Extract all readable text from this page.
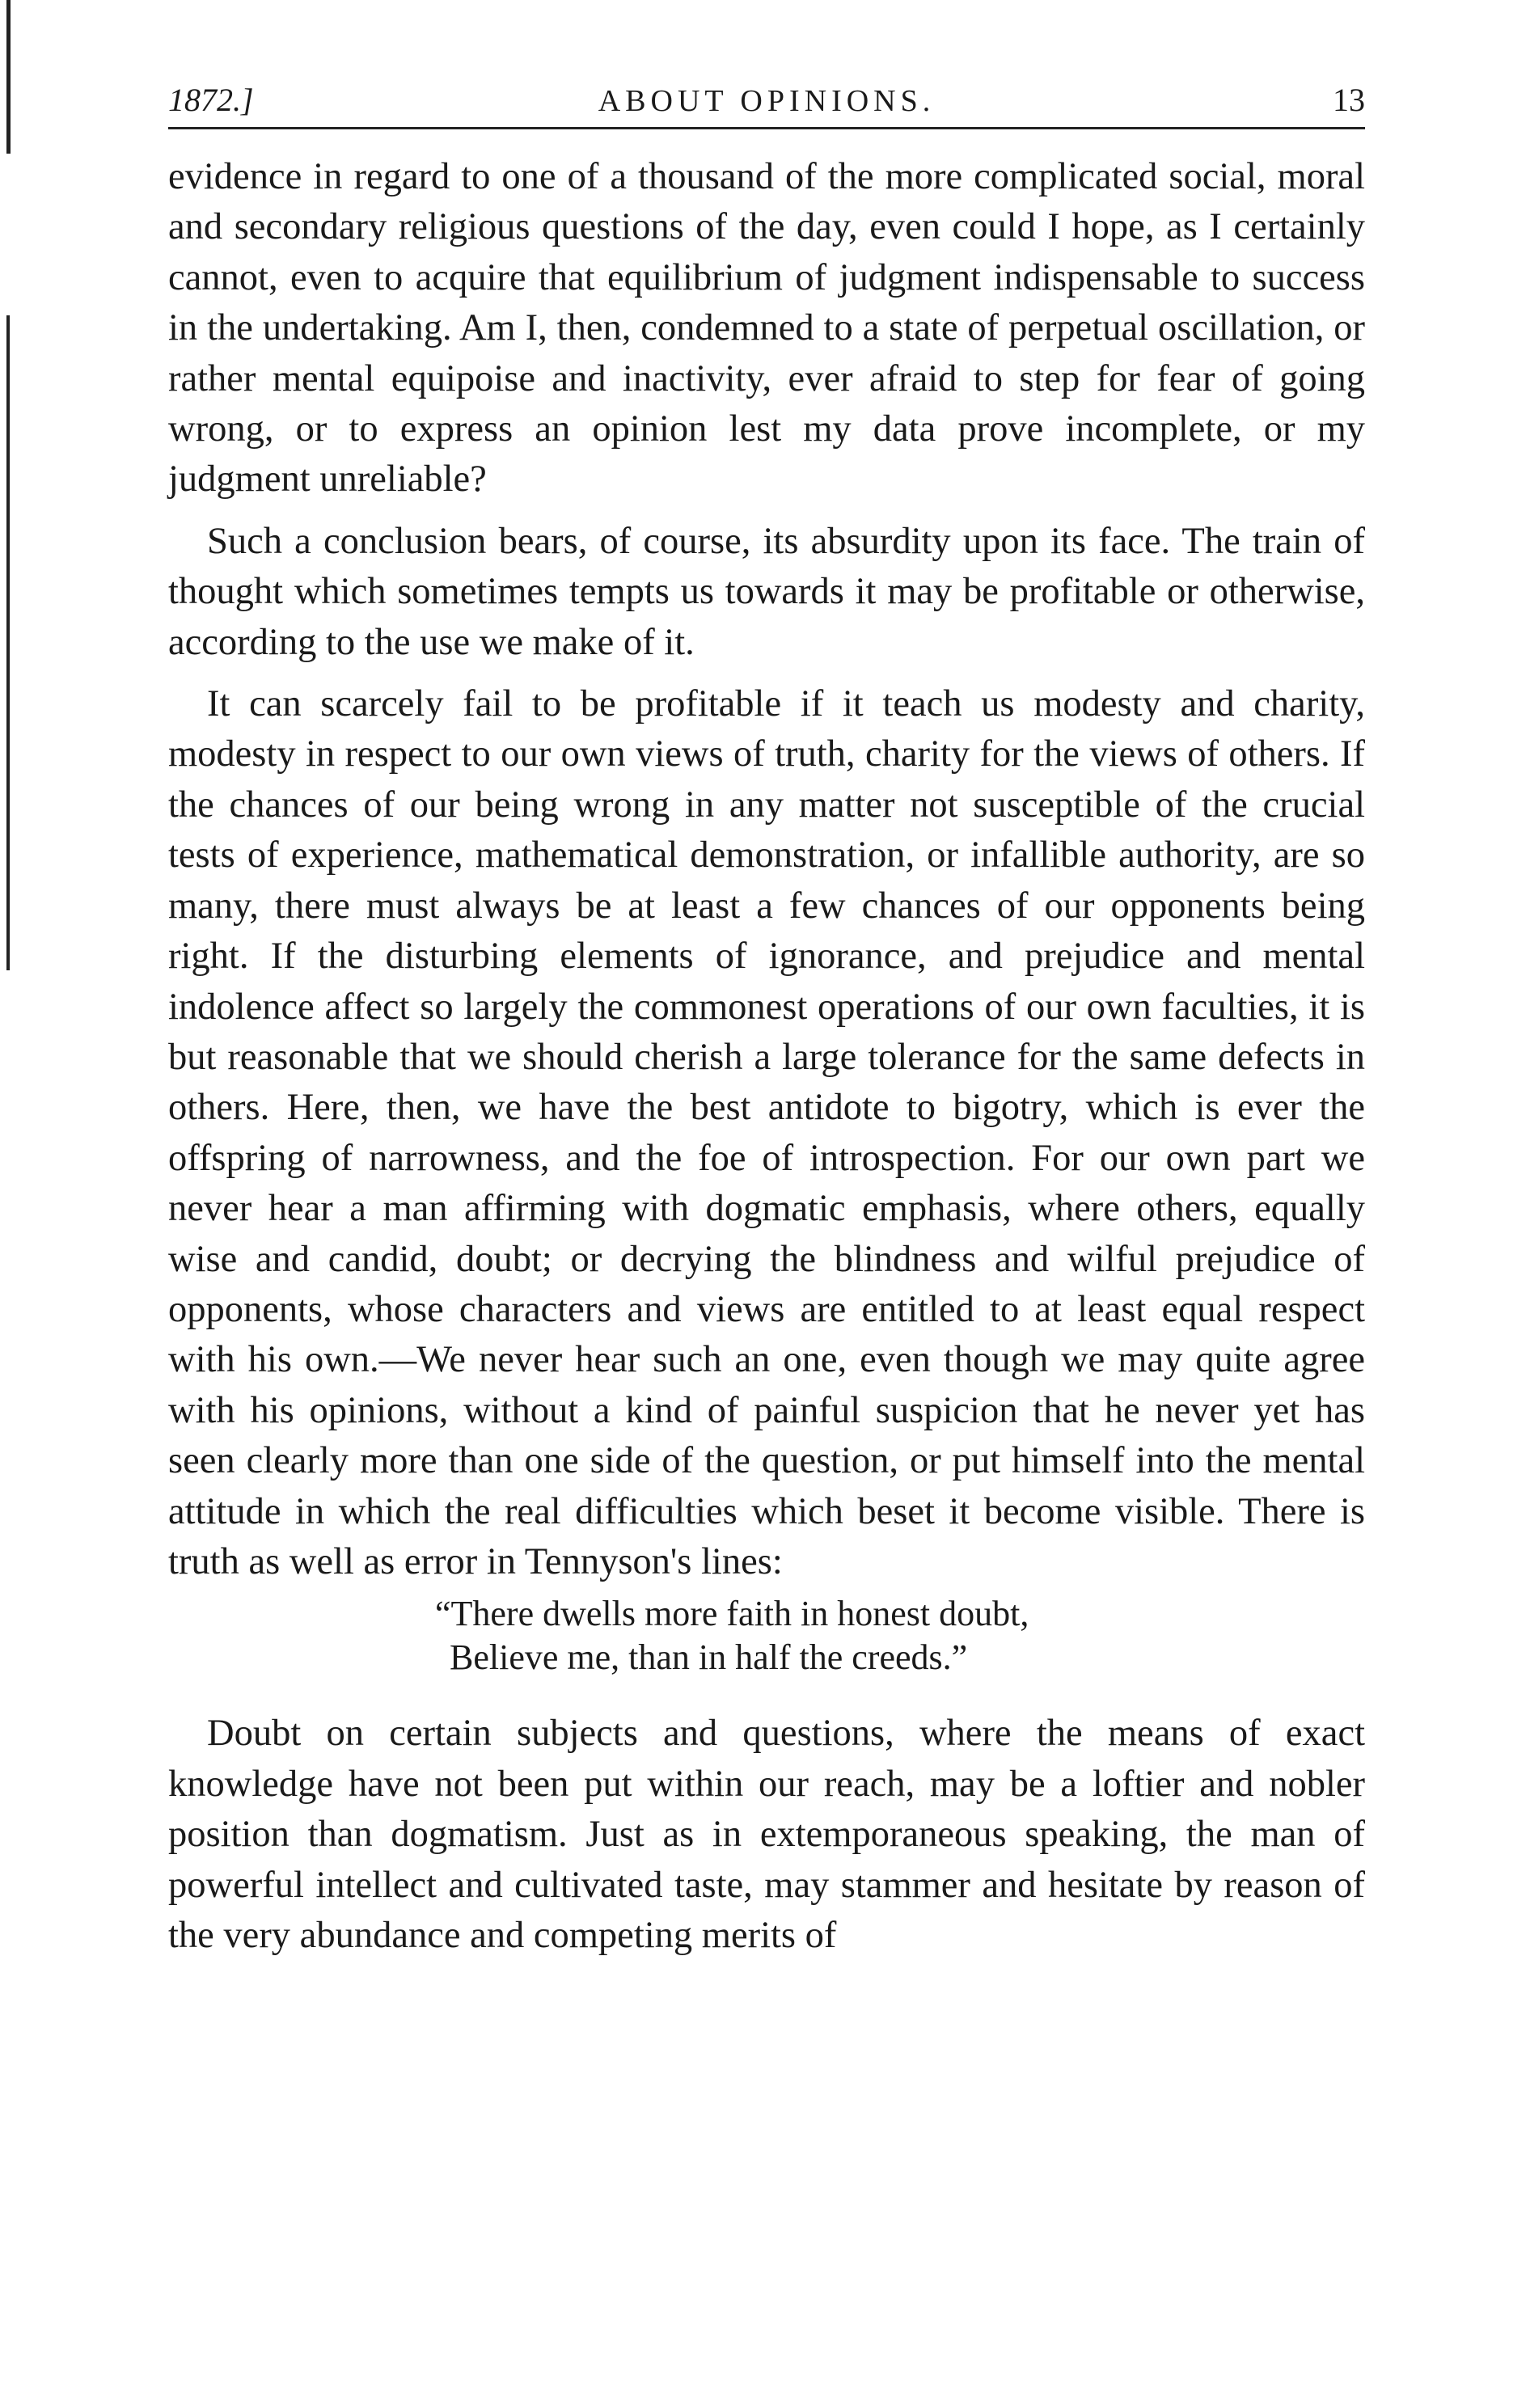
1872.]	ABOUT OPINIONS.	13

evidence in regard to one of a thousand of the more complicated social, moral and secondary religious questions of the day, even could I hope, as I certainly cannot, even to acquire that equilibrium of judgment indispensable to success in the undertaking. Am I, then, condemned to a state of perpetual oscillation, or rather mental equipoise and inactivity, ever afraid to step for fear of going wrong, or to express an opinion lest my data prove incomplete, or my judgment unreliable?

Such a conclusion bears, of course, its absurdity upon its face. The train of thought which sometimes tempts us towards it may be profitable or otherwise, according to the use we make of it.

It can scarcely fail to be profitable if it teach us modesty and charity, modesty in respect to our own views of truth, charity for the views of others. If the chances of our being wrong in any matter not susceptible of the crucial tests of experience, mathematical demonstration, or infallible authority, are so many, there must always be at least a few chances of our opponents being right. If the disturbing elements of ignorance, and prejudice and mental indolence affect so largely the commonest operations of our own faculties, it is but reasonable that we should cherish a large tolerance for the same defects in others. Here, then, we have the best antidote to bigotry, which is ever the offspring of narrowness, and the foe of introspection. For our own part we never hear a man affirming with dogmatic emphasis, where others, equally wise and candid, doubt; or decrying the blindness and wilful prejudice of opponents, whose characters and views are entitled to at least equal respect with his own.—We never hear such an one, even though we may quite agree with his opinions, without a kind of painful suspicion that he never yet has seen clearly more than one side of the question, or put himself into the mental attitude in which the real difficulties which beset it become visible. There is truth as well as error in Tennyson's lines:

“There dwells more faith in honest doubt,
Believe me, than in half the creeds.”

Doubt on certain subjects and questions, where the means of exact knowledge have not been put within our reach, may be a loftier and nobler position than dogmatism. Just as in extemporaneous speaking, the man of powerful intellect and cultivated taste, may stammer and hesitate by reason of the very abundance and competing merits of
